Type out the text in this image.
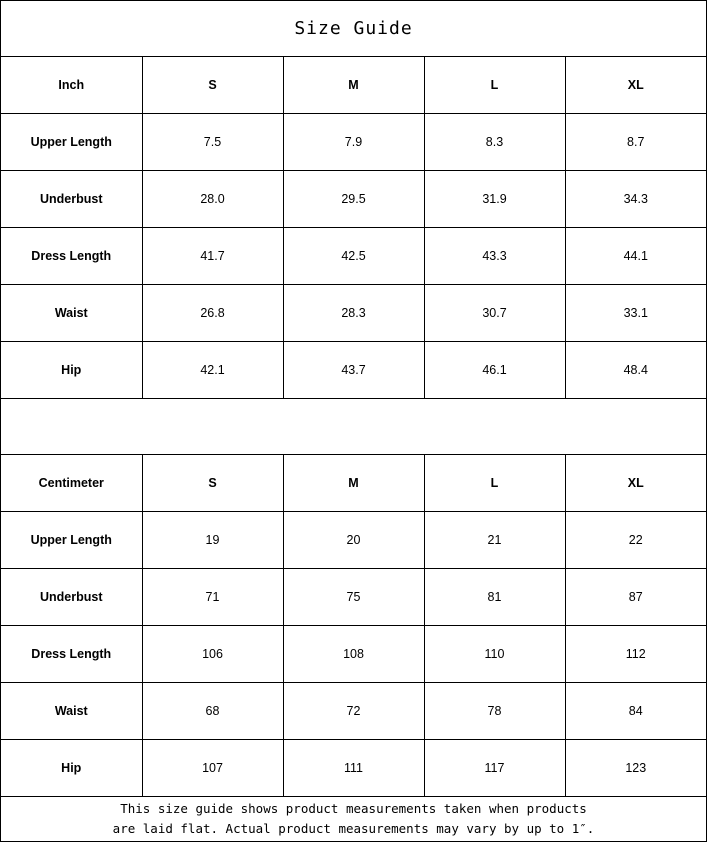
Size Guide
Inch	S	M	L	XL
Upper Length	7.5	7.9	8.3	8.7
Underbust	28.0	29.5	31.9	34.3
Dress Length	41.7	42.5	43.3	44.1
Waist	26.8	28.3	30.7	33.1
Hip	42.1	43.7	46.1	48.4
Centimeter	S	M	L	XL
Upper Length	19	20	21	22
Underbust	71	75	81	87
Dress Length	106	108	110	112
Waist	68	72	78	84
Hip	107	111	117	123
This size guide shows product measurements taken when products
are laid flat. Actual product measurements may vary by up to 1″.
